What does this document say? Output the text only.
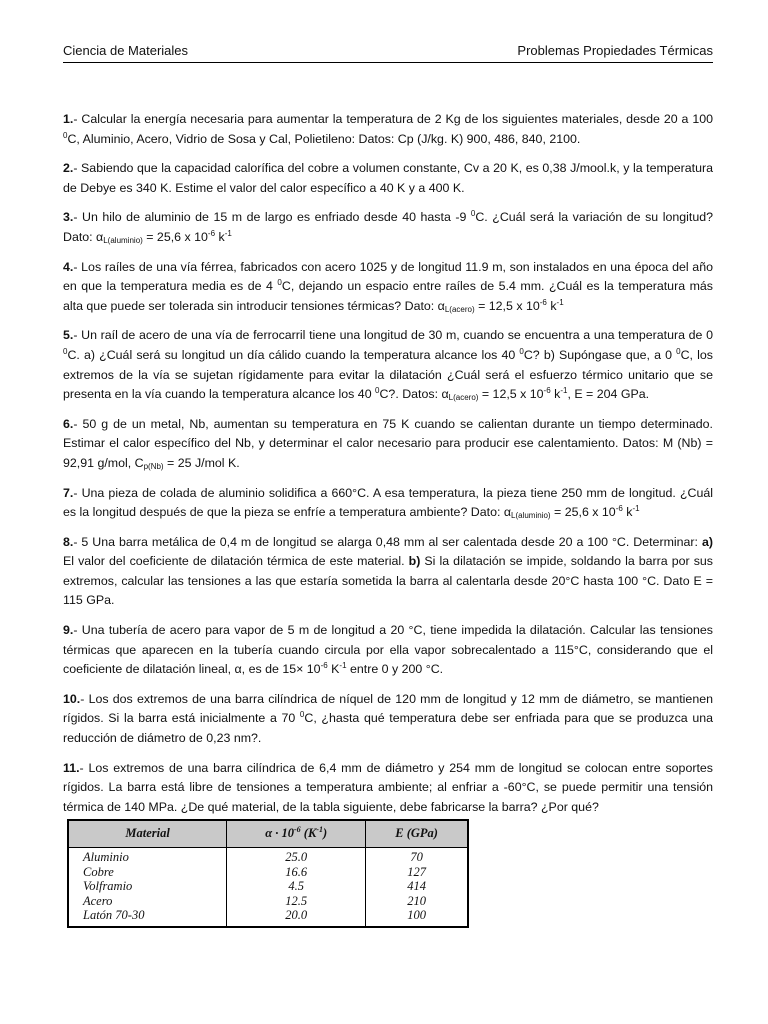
Ciencia de Materiales	Problemas Propiedades Térmicas

1.- Calcular la energía necesaria para aumentar la temperatura de 2 Kg de los siguientes materiales, desde 20 a 100 $^0$C, Aluminio, Acero, Vidrio de Sosa y Cal, Polietileno: Datos: Cp (J/kg. K) 900, 486, 840, 2100.

2.- Sabiendo que la capacidad calorífica del cobre a volumen constante, Cv a 20 K, es 0,38 J/mool.k, y la temperatura de Debye es 340 K. Estime el valor del calor específico a 40 K y a 400 K.

3.- Un hilo de aluminio de 15 m de largo es enfriado desde 40 hasta -9 $^0$C. ¿Cuál será la variación de su longitud? Dato: $\alpha_{L(aluminio)} = 25,6$ x $10^{-6}$ $k^{-1}$

4.- Los raíles de una vía férrea, fabricados con acero 1025 y de longitud 11.9 m, son instalados en una época del año en que la temperatura media es de 4 $^0$C, dejando un espacio entre raíles de 5.4 mm. ¿Cuál es la temperatura más alta que puede ser tolerada sin introducir tensiones térmicas? Dato: $\alpha_{L(acero)} = 12,5$ x $10^{-6}$ $k^{-1}$

5.- Un raíl de acero de una vía de ferrocarril tiene una longitud de 30 m, cuando se encuentra a una temperatura de 0 $^0$C. a) ¿Cuál será su longitud un día cálido cuando la temperatura alcance los 40 $^0$C? b) Supóngase que, a 0 $^0$C, los extremos de la vía se sujetan rígidamente para evitar la dilatación ¿Cuál será el esfuerzo térmico unitario que se presenta en la vía cuando la temperatura alcance los 40 $^0$C?. Datos: $\alpha_{L(acero)} = 12,5$ x $10^{-6}$ $k^{-1}$, E = 204 GPa.

6.- 50 g de un metal, Nb, aumentan su temperatura en 75 K cuando se calientan durante un tiempo determinado. Estimar el calor específico del Nb, y determinar el calor necesario para producir ese calentamiento. Datos: M (Nb) = 92,91 g/mol, $C_{p(Nb)} = 25$ J/mol K.

7.- Una pieza de colada de aluminio solidifica a 660°C. A esa temperatura, la pieza tiene 250 mm de longitud. ¿Cuál es la longitud después de que la pieza se enfríe a temperatura ambiente? Dato: $\alpha_{L(aluminio)} = 25,6$ x $10^{-6}$ $k^{-1}$

8.- 5 Una barra metálica de 0,4 m de longitud se alarga 0,48 mm al ser calentada desde 20 a 100 °C. Determinar: a) El valor del coeficiente de dilatación térmica de este material. b) Si la dilatación se impide, soldando la barra por sus extremos, calcular las tensiones a las que estaría sometida la barra al calentarla desde 20°C hasta 100 °C. Dato E = 115 GPa.

9.- Una tubería de acero para vapor de 5 m de longitud a 20 °C, tiene impedida la dilatación. Calcular las tensiones térmicas que aparecen en la tubería cuando circula por ella vapor sobrecalentado a 115°C, considerando que el coeficiente de dilatación lineal, α, es de $15\times 10^{-6}$ $K^{-1}$ entre 0 y 200 °C.

10.- Los dos extremos de una barra cilíndrica de níquel de 120 mm de longitud y 12 mm de diámetro, se mantienen rígidos. Si la barra está inicialmente a 70 $^0$C, ¿hasta qué temperatura debe ser enfriada para que se produzca una reducción de diámetro de 0,23 nm?.

11.- Los extremos de una barra cilíndrica de 6,4 mm de diámetro y 254 mm de longitud se colocan entre soportes rígidos. La barra está libre de tensiones a temperatura ambiente; al enfriar a -60°C, se puede permitir una tensión térmica de 140 MPa. ¿De qué material, de la tabla siguiente, debe fabricarse la barra? ¿Por qué?

Material	$\alpha \cdot 10^{-6}$ $(K^{-1})$	E (GPa)
Aluminio	25.0	70
Cobre	16.6	127
Volframio	4.5	414
Acero	12.5	210
Latón 70-30	20.0	100
